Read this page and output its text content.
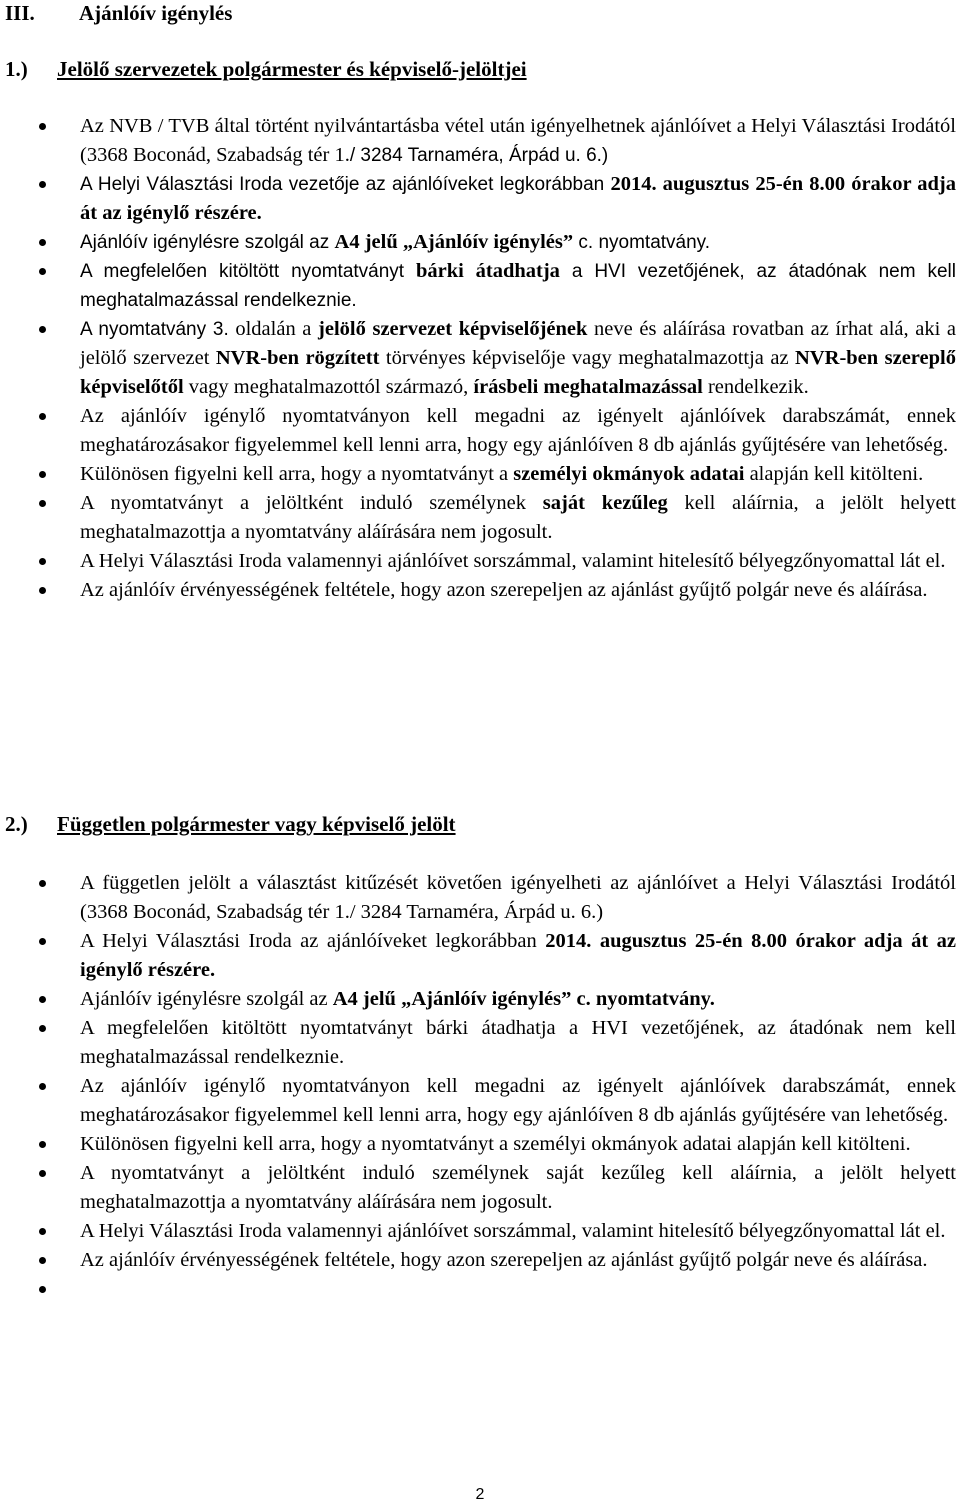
III. Ajánlóív igénylés
1.) Jelölő szervezetek polgármester és képviselő-jelöltjei
Az NVB / TVB által történt nyilvántartásba vétel után igényelhetnek ajánlóívet a Helyi Választási Irodától (3368 Boconád, Szabadság tér 1./ 3284 Tarnaméra, Árpád u. 6.)
A Helyi Választási Iroda vezetője az ajánlóíveket legkorábban 2014. augusztus 25-én 8.00 órakor adja át az igénylő részére.
Ajánlóív igénylésre szolgál az A4 jelű „Ajánlóív igénylés” c. nyomtatvány.
A megfelelően kitöltött nyomtatványt bárki átadhatja a HVI vezetőjének, az átadónak nem kell meghatalmazással rendelkeznie.
A nyomtatvány 3. oldalán a jelölő szervezet képviselőjének neve és aláírása rovatban az írhat alá, aki a jelölő szervezet NVR-ben rögzített törvényes képviselője vagy meghatalmazottja az NVR-ben szereplő képviselőtől vagy meghatalmazottól származó, írásbeli meghatalmazással rendelkezik.
Az ajánlóív igénylő nyomtatványon kell megadni az igényelt ajánlóívek darabszámát, ennek meghatározásakor figyelemmel kell lenni arra, hogy egy ajánlóíven 8 db ajánlás gyűjtésére van lehetőség.
Különösen figyelni kell arra, hogy a nyomtatványt a személyi okmányok adatai alapján kell kitölteni.
A nyomtatványt a jelöltként induló személynek saját kezűleg kell aláírnia, a jelölt helyett meghatalmazottja a nyomtatvány aláírására nem jogosult.
A Helyi Választási Iroda valamennyi ajánlóívet sorszámmal, valamint hitelesítő bélyegzőnyomattal lát el.
Az ajánlóív érvényességének feltétele, hogy azon szerepeljen az ajánlást gyűjtő polgár neve és aláírása.
2.) Független polgármester vagy képviselő jelölt
A független jelölt a választást kitűzését követően igényelheti az ajánlóívet a Helyi Választási Irodától (3368 Boconád, Szabadság tér 1./ 3284 Tarnaméra, Árpád u. 6.)
A Helyi Választási Iroda az ajánlóíveket legkorábban 2014. augusztus 25-én 8.00 órakor adja át az igénylő részére.
Ajánlóív igénylésre szolgál az A4 jelű „Ajánlóív igénylés” c. nyomtatvány.
A megfelelően kitöltött nyomtatványt bárki átadhatja a HVI vezetőjének, az átadónak nem kell meghatalmazással rendelkeznie.
Az ajánlóív igénylő nyomtatványon kell megadni az igényelt ajánlóívek darabszámát, ennek meghatározásakor figyelemmel kell lenni arra, hogy egy ajánlóíven 8 db ajánlás gyűjtésére van lehetőség.
Különösen figyelni kell arra, hogy a nyomtatványt a személyi okmányok adatai alapján kell kitölteni.
A nyomtatványt a jelöltként induló személynek saját kezűleg kell aláírnia, a jelölt helyett meghatalmazottja a nyomtatvány aláírására nem jogosult.
A Helyi Választási Iroda valamennyi ajánlóívet sorszámmal, valamint hitelesítő bélyegzőnyomattal lát el.
Az ajánlóív érvényességének feltétele, hogy azon szerepeljen az ajánlást gyűjtő polgár neve és aláírása.
2
